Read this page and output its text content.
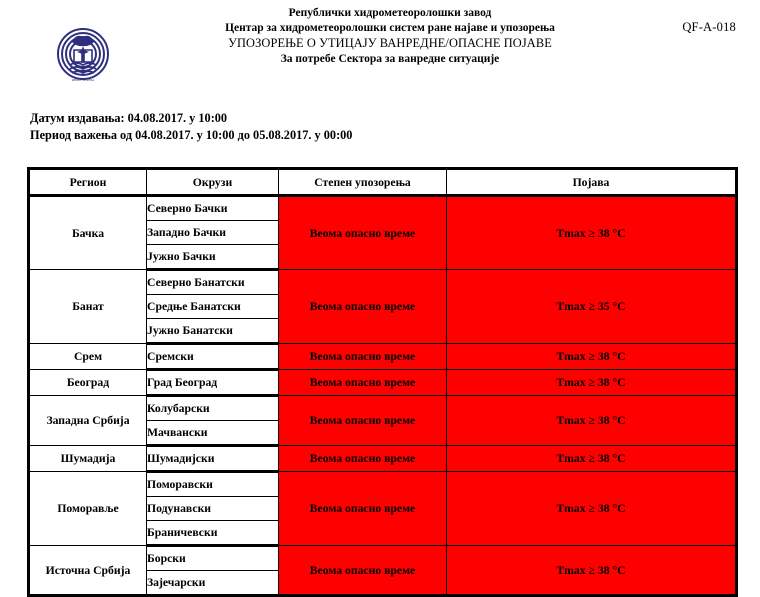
RHMZ SERBIA
Републички хидрометеоролошки завод
Центар за хидрометеоролошки систем ране најаве и упозорења
УПОЗОРЕЊЕ О УТИЦАЈУ ВАНРЕДНЕ/ОПАСНЕ ПОЈАВЕ
За потребе Сектора за ванредне ситуације
QF-A-018
Датум издавања: 04.08.2017. у 10:00
Период важења од 04.08.2017. у 10:00 до 05.08.2017. у 00:00
Регион	Окрузи	Степен упозорења	Појава
Бачка	Северно Бачки	Веома опасно време	Tmax ≥ 38 °C
	Западно Бачки		
	Јужно Бачки		
Банат	Северно Банатски	Веома опасно време	Tmax ≥ 35 °C
	Средње Банатски		
	Јужно Банатски		
Срем	Сремски	Веома опасно време	Tmax ≥ 38 °C
Београд	Град Београд	Веома опасно време	Tmax ≥ 38 °C
Западна Србија	Колубарски	Веома опасно време	Tmax ≥ 38 °C
	Мачвански		
Шумадија	Шумадијски	Веома опасно време	Tmax ≥ 38 °C
Поморавље	Поморавски	Веома опасно време	Tmax ≥ 38 °C
	Подунавски		
	Браничевски		
Источна Србија	Борски	Веома опасно време	Tmax ≥ 38 °C
	Зајечарски		
